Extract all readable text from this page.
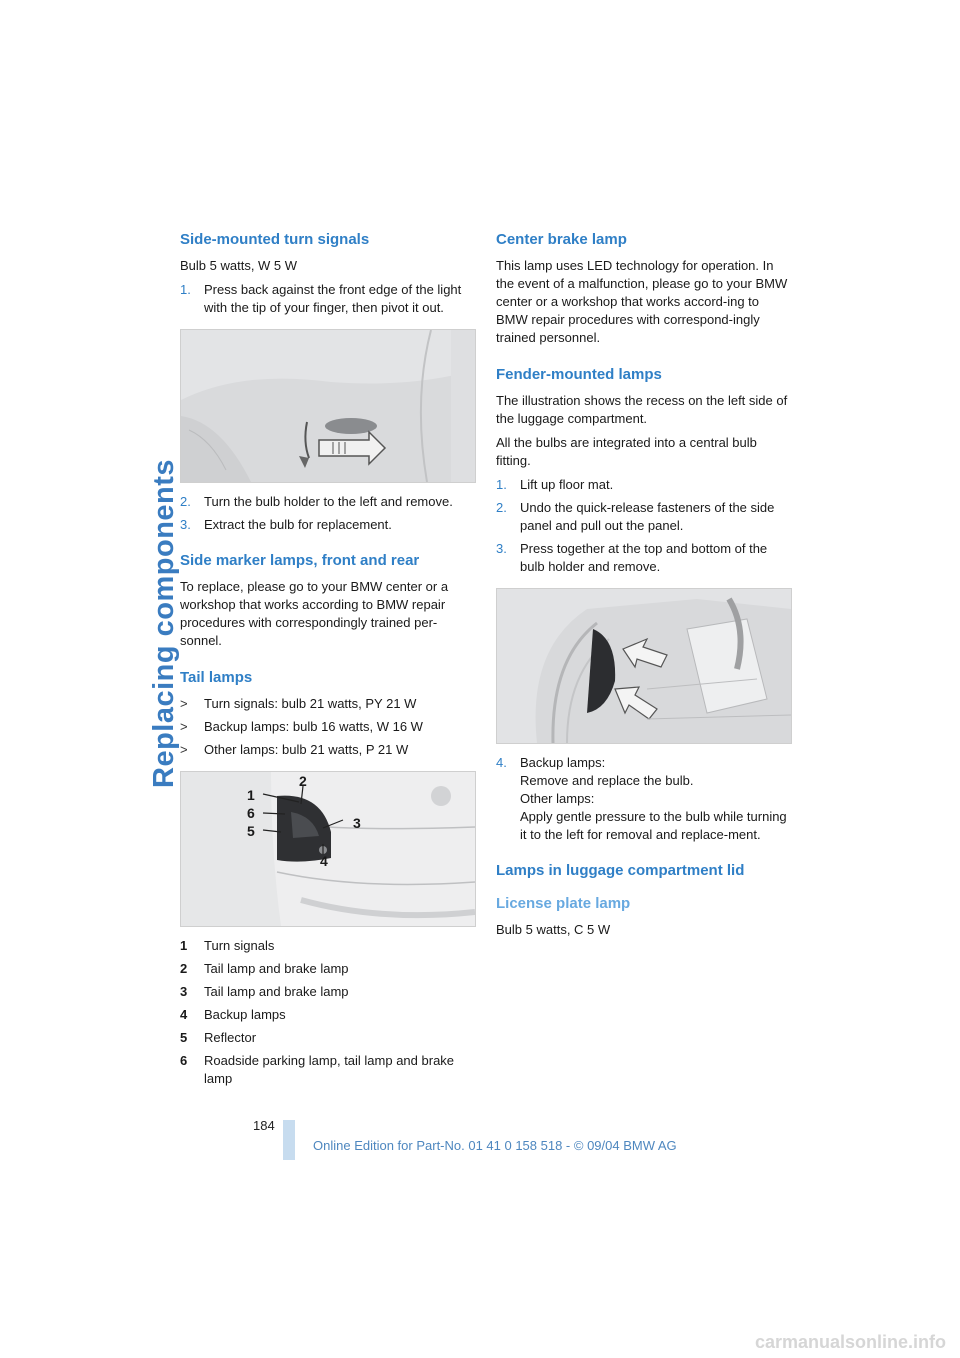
Replacing components
Side-mounted turn signals

Bulb 5 watts, W 5 W

1.	Press back against the front edge of the light with the tip of your finger, then pivot it out.
2.	Turn the bulb holder to the left and remove.
3.	Extract the bulb for replacement.
Side marker lamps, front and rear

To replace, please go to your BMW center or a workshop that works according to BMW repair procedures with correspondingly trained per-sonnel.

Tail lamps
>	Turn signals: bulb 21 watts, PY 21 W
>	Backup lamps: bulb 16 watts, W 16 W
>	Other lamps: bulb 21 watts, P 21 W
1
2
3
4
5
6
1	Turn signals
2	Tail lamp and brake lamp
3	Tail lamp and brake lamp
4	Backup lamps
5	Reflector
6	Roadside parking lamp, tail lamp and brake lamp
Center brake lamp

This lamp uses LED technology for operation. In the event of a malfunction, please go to your BMW center or a workshop that works accord-ing to BMW repair procedures with correspond-ingly trained personnel.

Fender-mounted lamps

The illustration shows the recess on the left side of the luggage compartment.

All the bulbs are integrated into a central bulb fitting.

1.	Lift up floor mat.
2.	Undo the quick-release fasteners of the side panel and pull out the panel.
3.	Press together at the top and bottom of the bulb holder and remove.
4.	Backup lamps:
Remove and replace the bulb.
Other lamps:
Apply gentle pressure to the bulb while turning it to the left for removal and replace-ment.
Lamps in luggage compartment lid
License plate lamp

Bulb 5 watts, C 5 W

184
Online Edition for Part-No. 01 41 0 158 518 - © 09/04 BMW AG
carmanualsonline.info
